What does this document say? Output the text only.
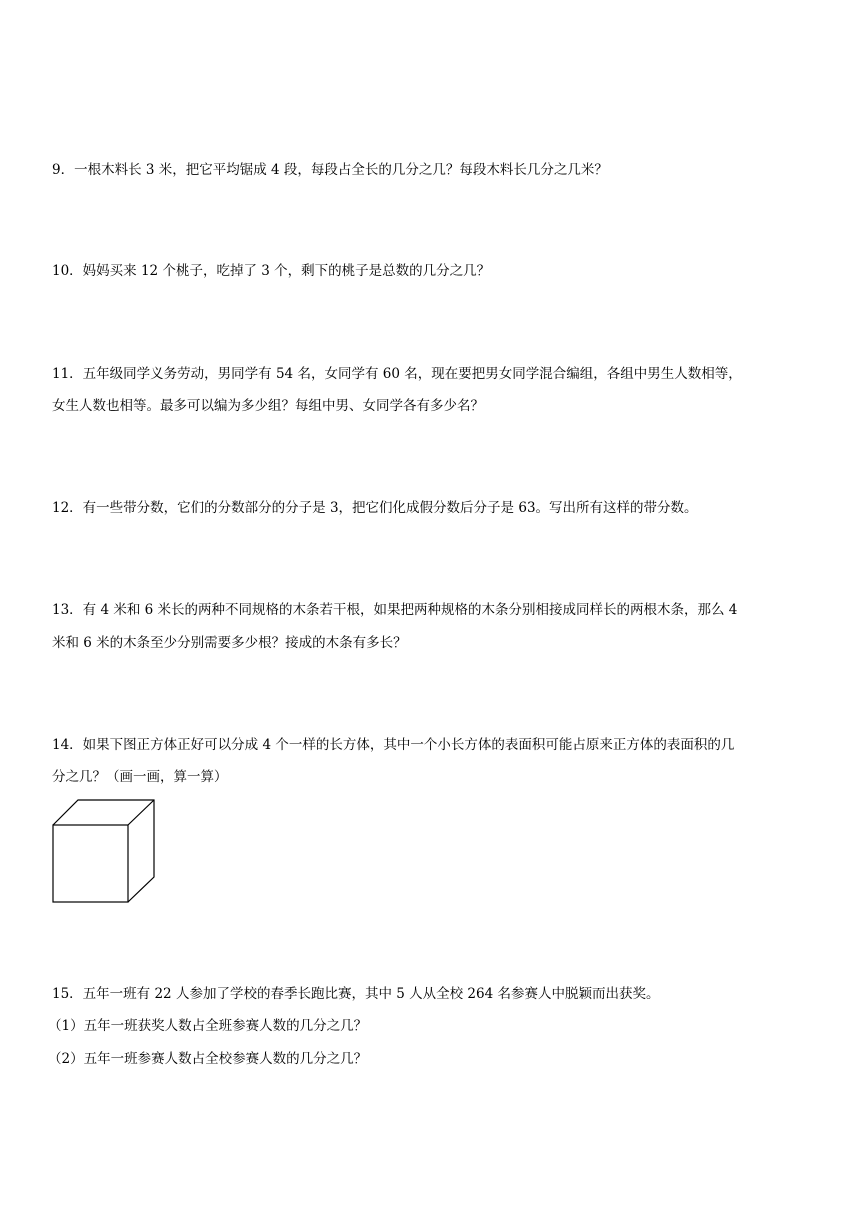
9．一根木料长 3 米，把它平均锯成 4 段，每段占全长的几分之几？每段木料长几分之几米？

10．妈妈买来 12 个桃子，吃掉了 3 个，剩下的桃子是总数的几分之几？

11．五年级同学义务劳动，男同学有 54 名，女同学有 60 名，现在要把男女同学混合编组，各组中男生人数相等，

女生人数也相等。最多可以编为多少组？每组中男、女同学各有多少名？

12．有一些带分数，它们的分数部分的分子是 3，把它们化成假分数后分子是 63。写出所有这样的带分数。

13．有 4 米和 6 米长的两种不同规格的木条若干根，如果把两种规格的木条分别相接成同样长的两根木条，那么 4

米和 6 米的木条至少分别需要多少根？接成的木条有多长？

14．如果下图正方体正好可以分成 4 个一样的长方体，其中一个小长方体的表面积可能占原来正方体的表面积的几

分之几？（画一画，算一算）

15．五年一班有 22 人参加了学校的春季长跑比赛，其中 5 人从全校 264 名参赛人中脱颖而出获奖。

（1）五年一班获奖人数占全班参赛人数的几分之几？

（2）五年一班参赛人数占全校参赛人数的几分之几？
